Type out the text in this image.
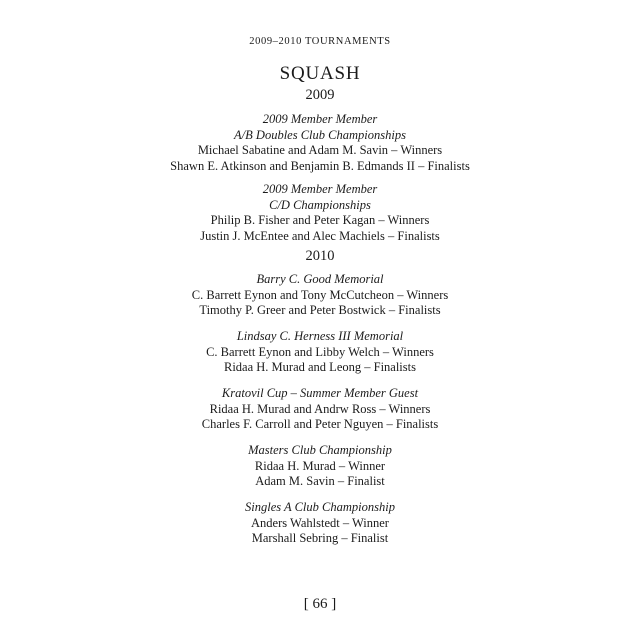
2009–2010 TOURNAMENTS
SQUASH
2009
2009 Member Member
A/B Doubles Club Championships
Michael Sabatine and Adam M. Savin – Winners
Shawn E. Atkinson and Benjamin B. Edmands II – Finalists
2009 Member Member
C/D Championships
Philip B. Fisher and Peter Kagan – Winners
Justin J. McEntee and Alec Machiels – Finalists
2010
Barry C. Good Memorial
C. Barrett Eynon and Tony McCutcheon – Winners
Timothy P. Greer and Peter Bostwick – Finalists
Lindsay C. Herness III Memorial
C. Barrett Eynon and Libby Welch – Winners
Ridaa H. Murad and Leong – Finalists
Kratovil Cup – Summer Member Guest
Ridaa H. Murad and Andrw Ross – Winners
Charles F. Carroll and Peter Nguyen – Finalists
Masters Club Championship
Ridaa H. Murad – Winner
Adam M. Savin – Finalist
Singles A Club Championship
Anders Wahlstedt – Winner
Marshall Sebring – Finalist
[ 66 ]
